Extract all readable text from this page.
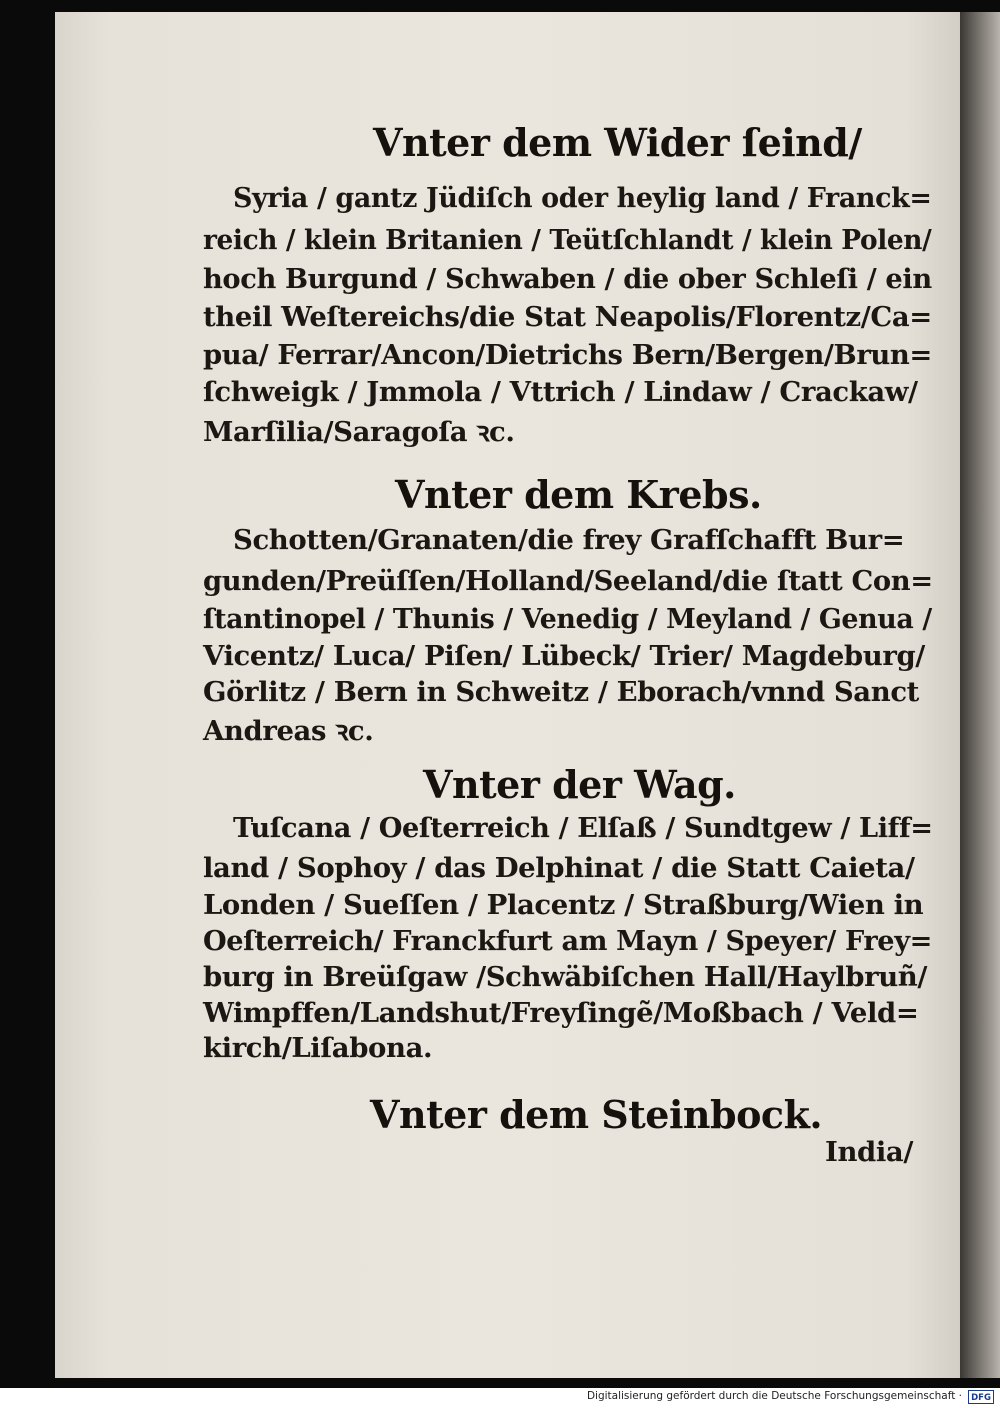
Vnter dem Wider ſeind/
Syria / gantz Jüdiſch oder heylig land / Franck=
reich / klein Britanien / Teütſchlandt / klein Polen/
hoch Burgund / Schwaben / die ober Schleſi / ein
theil Weſtereichs/die Stat Neapolis/Florentz/Ca=
pua/ Ferrar/Ancon/Dietrichs Bern/Bergen/Brun=
ſchweigk / Jmmola / Vttrich / Lindaw / Crackaw/
Marſilia/Saragoſa ꝛc.
Vnter dem Krebs.
Schotten/Granaten/die frey Grafſchafft Bur=
gunden/Preüſſen/Holland/Seeland/die ſtatt Con=
ſtantinopel / Thunis / Venedig / Meyland / Genua /
Vicentz/ Luca/ Piſen/ Lübeck/ Trier/ Magdeburg/
Görlitz / Bern in Schweitz / Eborach/vnnd Sanct
Andreas ꝛc.
Vnter der Wag.
Tuſcana / Oeſterreich / Elſaß / Sundtgew / Liff=
land / Sophoy / das Delphinat / die Statt Caieta/
Londen / Sueſſen / Placentz / Straßburg/Wien in
Oeſterreich/ Franckfurt am Mayn / Speyer/ Frey=
burg in Breüſgaw /Schwäbiſchen Hall/Haylbruñ/
Wimpffen/Landshut/Freyſingẽ/Moßbach / Veld=
kirch/Liſabona.
Vnter dem Steinbock.
India/
Digitalisierung gefördert durch die Deutsche Forschungsgemeinschaft ·	DFG
